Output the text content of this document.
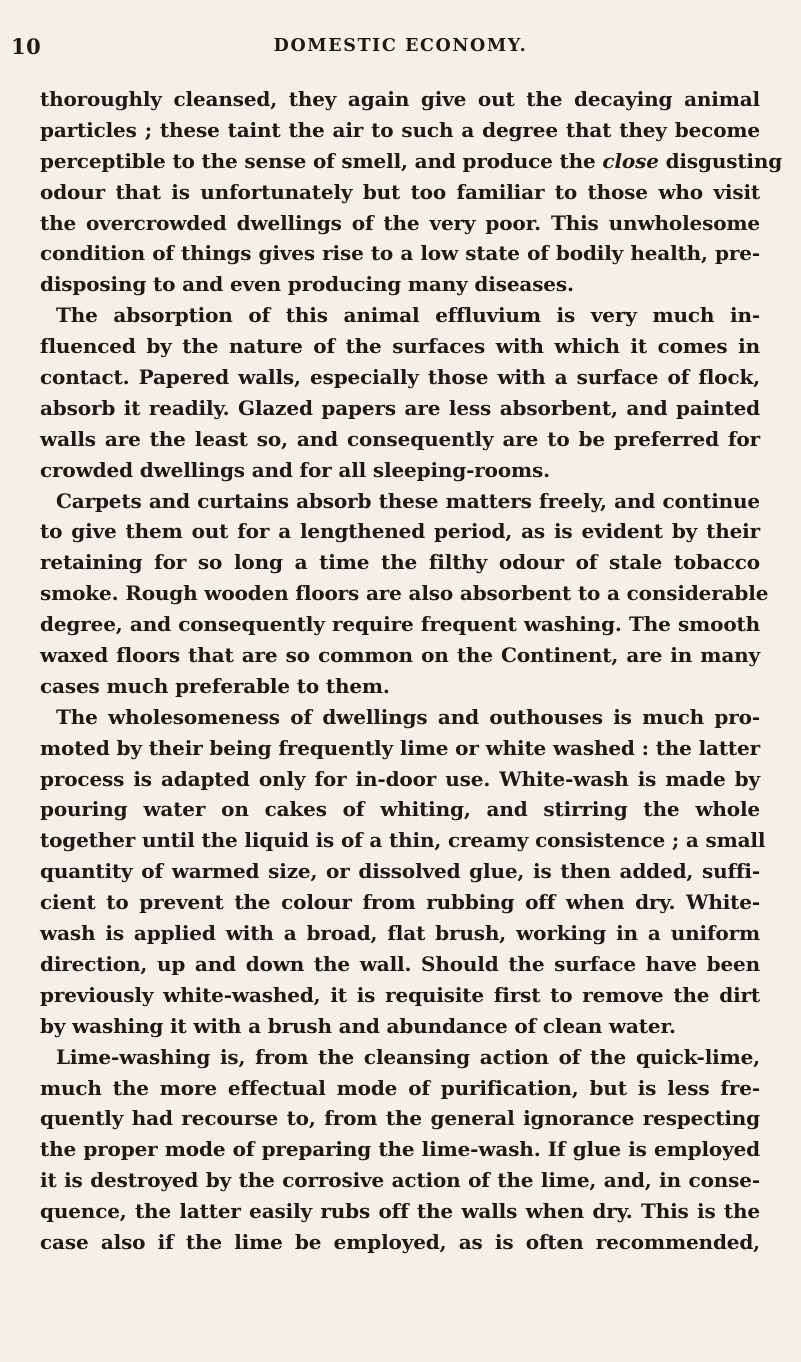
10	DOMESTIC ECONOMY.
thoroughly cleansed, they again give out the decaying animal
particles ; these taint the air to such a degree that they become
perceptible to the sense of smell, and produce the close disgusting
odour that is unfortunately but too familiar to those who visit
the overcrowded dwellings of the very poor. This unwholesome
condition of things gives rise to a low state of bodily health, pre-
disposing to and even producing many diseases.
The absorption of this animal effluvium is very much in-
fluenced by the nature of the surfaces with which it comes in
contact. Papered walls, especially those with a surface of flock,
absorb it readily. Glazed papers are less absorbent, and painted
walls are the least so, and consequently are to be preferred for
crowded dwellings and for all sleeping-rooms.
Carpets and curtains absorb these matters freely, and continue
to give them out for a lengthened period, as is evident by their
retaining for so long a time the filthy odour of stale tobacco
smoke. Rough wooden floors are also absorbent to a considerable
degree, and consequently require frequent washing. The smooth
waxed floors that are so common on the Continent, are in many
cases much preferable to them.
The wholesomeness of dwellings and outhouses is much pro-
moted by their being frequently lime or white washed : the latter
process is adapted only for in-door use. White-wash is made by
pouring water on cakes of whiting, and stirring the whole
together until the liquid is of a thin, creamy consistence ; a small
quantity of warmed size, or dissolved glue, is then added, suffi-
cient to prevent the colour from rubbing off when dry. White-
wash is applied with a broad, flat brush, working in a uniform
direction, up and down the wall. Should the surface have been
previously white-washed, it is requisite first to remove the dirt
by washing it with a brush and abundance of clean water.
Lime-washing is, from the cleansing action of the quick-lime,
much the more effectual mode of purification, but is less fre-
quently had recourse to, from the general ignorance respecting
the proper mode of preparing the lime-wash. If glue is employed
it is destroyed by the corrosive action of the lime, and, in conse-
quence, the latter easily rubs off the walls when dry. This is the
case also if the lime be employed, as is often recommended,
